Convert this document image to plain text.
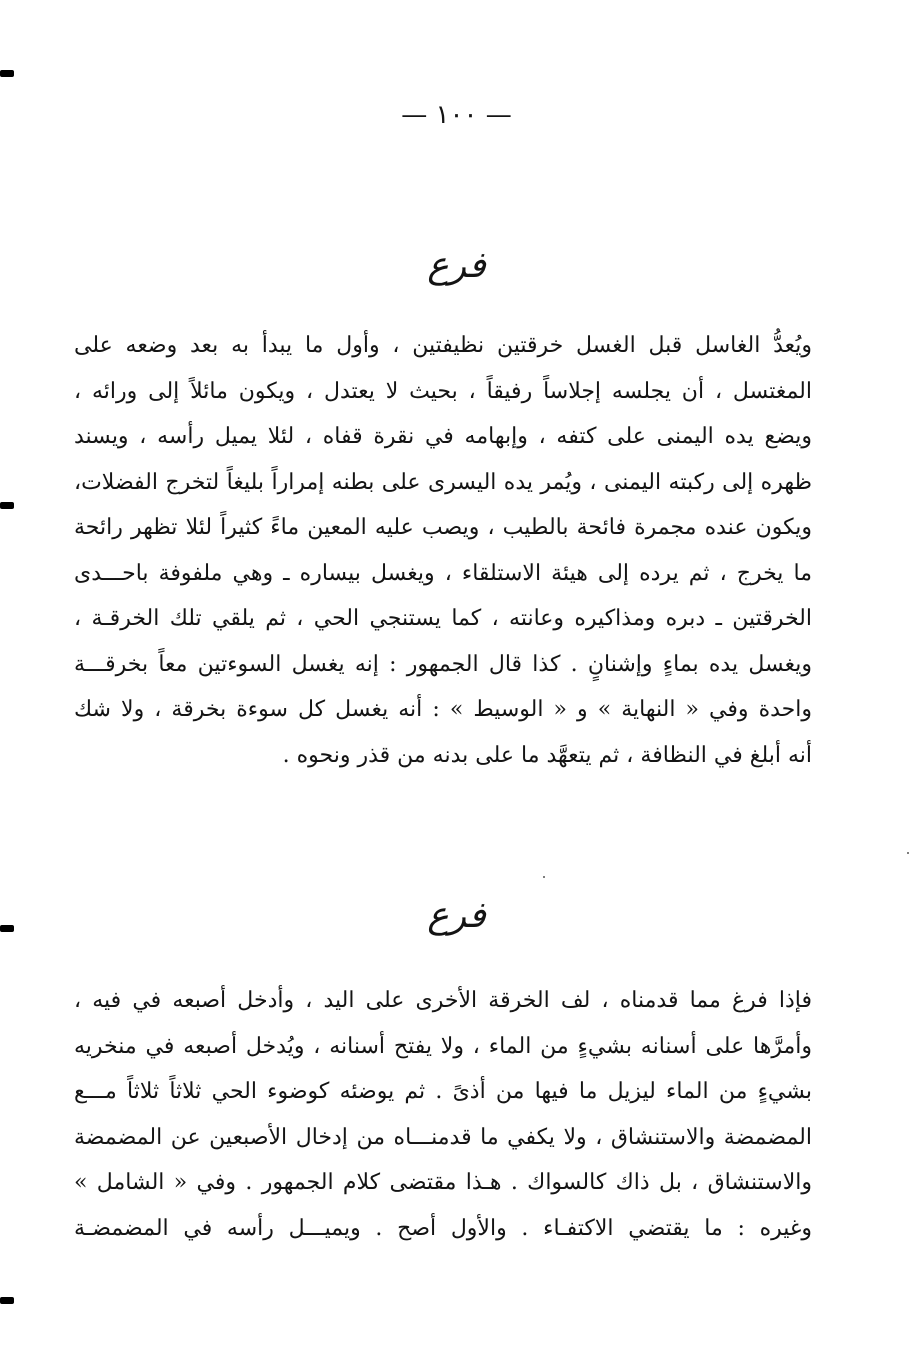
— ١٠٠ —
فرع
ويُعدُّ الغاسل قبل الغسل خرقتين نظيفتين ، وأول ما يبدأ به بعد وضعه على
المغتسل ، أن يجلسه إجلاساً رفيقاً ، بحيث لا يعتدل ، ويكون مائلاً إلى ورائه ،
ويضع يده اليمنى على كتفه ، وإبهامه في نقرة قفاه ، لئلا يميل رأسه ، ويسند
ظهره إلى ركبته اليمنى ، ويُمر يده اليسرى على بطنه إمراراً بليغاً لتخرج الفضلات،
ويكون عنده مجمرة فائحة بالطيب ، ويصب عليه المعين ماءً كثيراً لئلا تظهر رائحة
ما يخرج ، ثم يرده إلى هيئة الاستلقاء ، ويغسل بيساره ـ وهي ملفوفة باحـــدى
الخرقتين ـ دبره ومذاكيره وعانته ، كما يستنجي الحي ، ثم يلقي تلك الخرقـة ،
ويغسل يده بماءٍ وإشنانٍ . كذا قال الجمهور : إنه يغسل السوءتين معاً بخرقـــة
واحدة وفي « النهاية » و « الوسيط » : أنه يغسل كل سوءة بخرقة ، ولا شك
أنه أبلغ في النظافة ، ثم يتعهَّد ما على بدنه من قذر ونحوه .
فرع
فإذا فرغ مما قدمناه ، لف الخرقة الأخرى على اليد ، وأدخل أصبعه في فيه ،
وأمرَّها على أسنانه بشيءٍ من الماء ، ولا يفتح أسنانه ، ويُدخل أصبعه في منخريه
بشيءٍ من الماء ليزيل ما فيها من أذىً . ثم يوضئه كوضوء الحي ثلاثاً ثلاثاً مـــع
المضمضة والاستنشاق ، ولا يكفي ما قدمنـــاه من إدخال الأصبعين عن المضمضة
والاستنشاق ، بل ذاك كالسواك . هـذا مقتضى كلام الجمهور . وفي « الشامل »
وغيره : ما يقتضي الاكتفـاء . والأول أصح . ويميـــل رأسه في المضمضـة
